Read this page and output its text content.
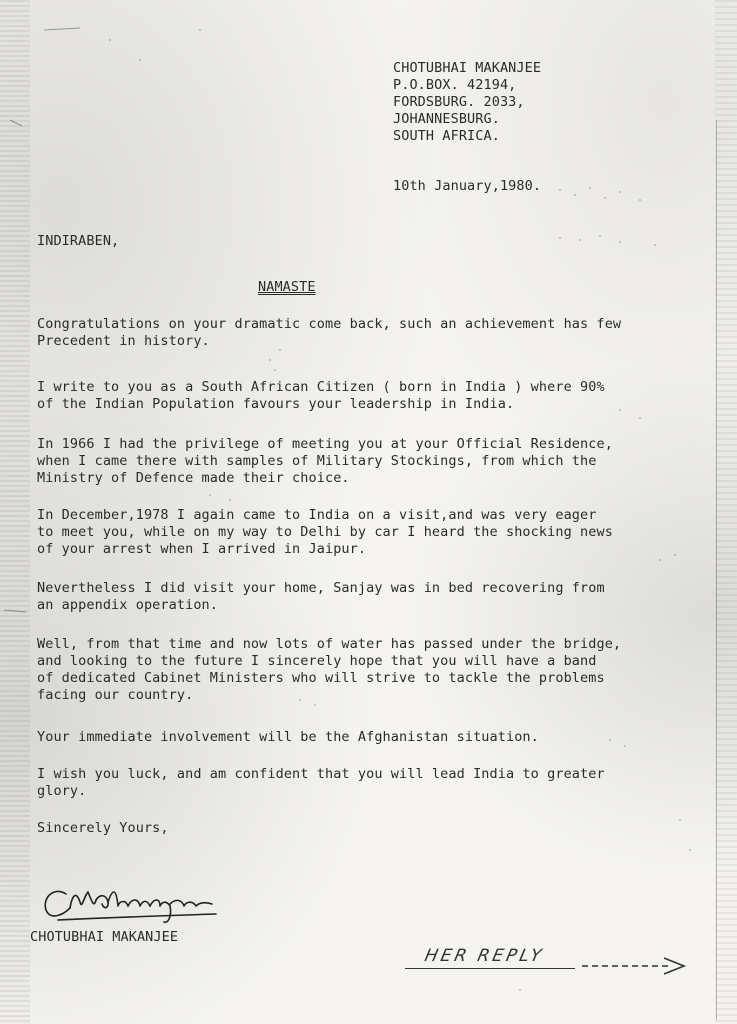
CHOTUBHAI MAKANJEE
P.O.BOX. 42194,
FORDSBURG. 2033,
JOHANNESBURG.
SOUTH AFRICA.
10th January,1980.
INDIRABEN,
NAMASTE
Congratulations on your dramatic come back, such an achievement has few
Precedent in history.
I write to you as a South African Citizen ( born in India ) where 90%
of the Indian Population favours your leadership in India.
In 1966 I had the privilege of meeting you at your Official Residence,
when I came there with samples of Military Stockings, from which the
Ministry of Defence made their choice.
In December,1978 I again came to India on a visit,and was very eager
to meet you, while on my way to Delhi by car I heard the shocking news
of your arrest when I arrived in Jaipur.
Nevertheless I did visit your home, Sanjay was in bed recovering from
an appendix operation.
Well, from that time and now lots of water has passed under the bridge,
and looking to the future I sincerely hope that you will have a band
of dedicated Cabinet Ministers who will strive to tackle the problems
facing our country.
Your immediate involvement will be the Afghanistan situation.
I wish you luck, and am confident that you will lead India to greater
glory.
Sincerely Yours,
CHOTUBHAI MAKANJEE
HER REPLY
